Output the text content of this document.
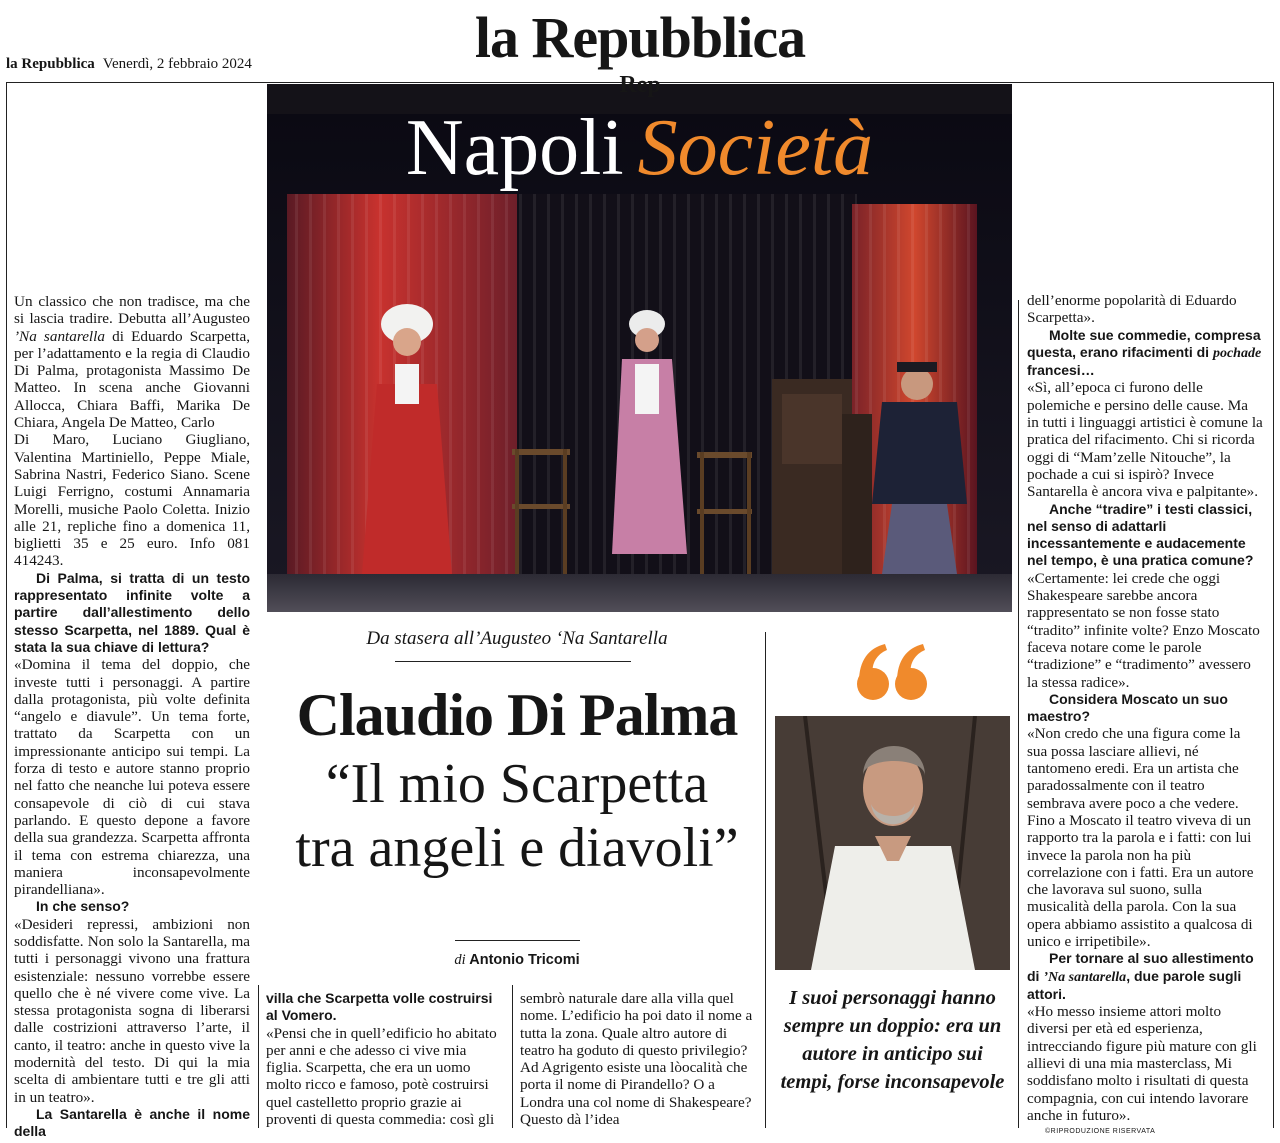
la Repubblica
la Repubblica Venerdì, 2 febbraio 2024
Rep
Napoli Società

Un classico che non tradisce, ma che si lascia tradire. Debutta all’Augusteo ’Na santarella di Eduardo Scarpetta, per l’adattamento e la regia di Claudio Di Palma, protagonista Massimo De Matteo. In scena anche Giovanni Allocca, Chiara Baffi, Marika De Chiara, Angela De Matteo, Carlo

Di Maro, Luciano Giugliano, Valentina Martiniello, Peppe Miale, Sabrina Nastri, Federico Siano. Scene Luigi Ferrigno, costumi Annamaria Morelli, musiche Paolo Coletta. Inizio alle 21, repliche fino a domenica 11, biglietti 35 e 25 euro. Info 081 414243.

Di Palma, si tratta di un testo rappresentato infinite volte a partire dall’allestimento dello stesso Scarpetta, nel 1889. Qual è stata la sua chiave di lettura?

«Domina il tema del doppio, che investe tutti i personaggi. A partire dalla protagonista, più volte definita “angelo e diavule”. Un tema forte, trattato da Scarpetta con un impressionante anticipo sui tempi. La forza di testo e autore stanno proprio nel fatto che neanche lui poteva essere consapevole di ciò di cui stava parlando. E questo depone a favore della sua grandezza. Scarpetta affronta il tema con estrema chiarezza, una maniera inconsapevolmente pirandelliana».

In che senso?

«Desideri repressi, ambizioni non soddisfatte. Non solo la Santarella, ma tutti i personaggi vivono una frattura esistenziale: nessuno vorrebbe essere quello che è né vivere come vive. La stessa protagonista sogna di liberarsi dalle costrizioni attraverso l’arte, il canto, il teatro: anche in questo vive la modernità del testo. Di qui la mia scelta di ambientare tutti e tre gli atti in un teatro».

La Santarella è anche il nome della

Da stasera all’Augusteo ‘Na Santarella
Claudio Di Palma
“Il mio Scarpetta
tra angeli e diavoli”
di Antonio Tricomi

villa che Scarpetta volle costruirsi al Vomero.

«Pensi che in quell’edificio ho abitato per anni e che adesso ci vive mia figlia. Scarpetta, che era un uomo molto ricco e famoso, potè costruirsi quel castelletto proprio grazie ai proventi di questa commedia: così gli

sembrò naturale dare alla villa quel nome. L’edificio ha poi dato il nome a tutta la zona. Quale altro autore di teatro ha goduto di questo privilegio? Ad Agrigento esiste una lòocalità che porta il nome di Pirandello? O a Londra una col nome di Shakespeare? Questo dà l’idea

I suoi personaggi hanno sempre un doppio: era un autore in anticipo sui tempi, forse inconsapevole

dell’enorme popolarità di Eduardo Scarpetta».

Molte sue commedie, compresa questa, erano rifacimenti di pochade francesi…

«Sì, all’epoca ci furono delle polemiche e persino delle cause. Ma in tutti i linguaggi artistici è comune la pratica del rifacimento. Chi si ricorda oggi di “Mam’zelle Nitouche”, la pochade a cui si ispirò? Invece Santarella è ancora viva e palpitante».

Anche “tradire” i testi classici, nel senso di adattarli incessantemente e audacemente nel tempo, è una pratica comune?

«Certamente: lei crede che oggi Shakespeare sarebbe ancora rappresentato se non fosse stato “tradito” infinite volte? Enzo Moscato faceva notare come le parole “tradizione” e “tradimento” avessero la stessa radice».

Considera Moscato un suo maestro?

«Non credo che una figura come la sua possa lasciare allievi, né tantomeno eredi. Era un artista che paradossalmente con il teatro sembrava avere poco a che vedere. Fino a Moscato il teatro viveva di un rapporto tra la parola e i fatti: con lui invece la parola non ha più correlazione con i fatti. Era un autore che lavorava sul suono, sulla musicalità della parola. Con la sua opera abbiamo assistito a qualcosa di unico e irripetibile».

Per tornare al suo allestimento di ’Na santarella, due parole sugli attori.

«Ho messo insieme attori molto diversi per età ed esperienza, intrecciando figure più mature con gli allievi di una mia masterclass, Mi soddisfano molto i risultati di questa compagnia, con cui intendo lavorare anche in futuro».

©RIPRODUZIONE RISERVATA
